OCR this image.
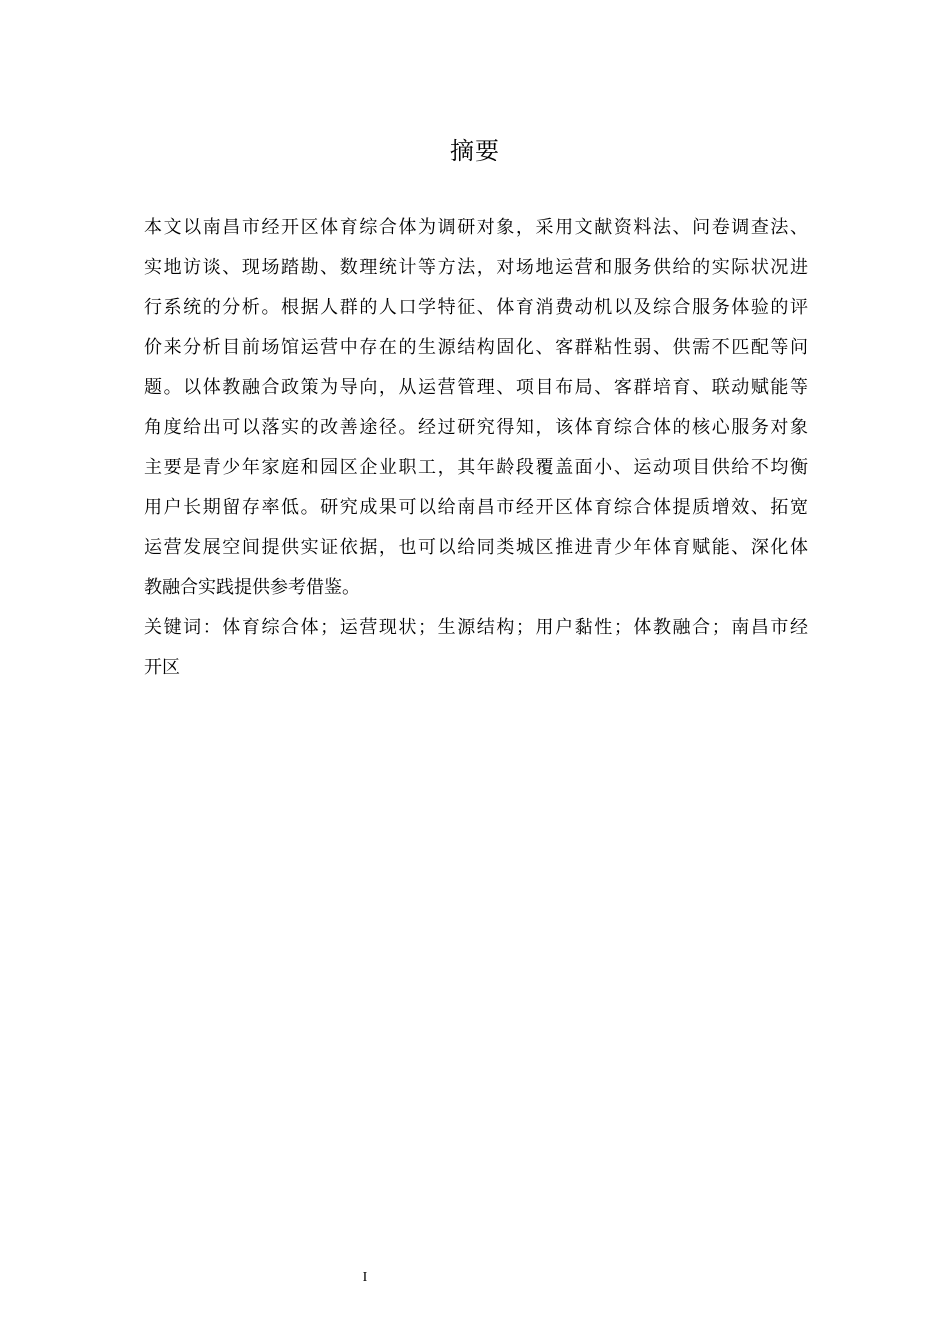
摘要
本文以南昌市经开区体育综合体为调研对象，采用文献资料法、问卷调查法、
实地访谈、现场踏勘、数理统计等方法，对场地运营和服务供给的实际状况进
行系统的分析。根据人群的人口学特征、体育消费动机以及综合服务体验的评
价来分析目前场馆运营中存在的生源结构固化、客群粘性弱、供需不匹配等问
题。以体教融合政策为导向，从运营管理、项目布局、客群培育、联动赋能等
角度给出可以落实的改善途径。经过研究得知，该体育综合体的核心服务对象
主要是青少年家庭和园区企业职工，其年龄段覆盖面小、运动项目供给不均衡
用户长期留存率低。研究成果可以给南昌市经开区体育综合体提质增效、拓宽
运营发展空间提供实证依据，也可以给同类城区推进青少年体育赋能、深化体
教融合实践提供参考借鉴。
关键词：体育综合体；运营现状；生源结构；用户黏性；体教融合；南昌市经
开区
I
